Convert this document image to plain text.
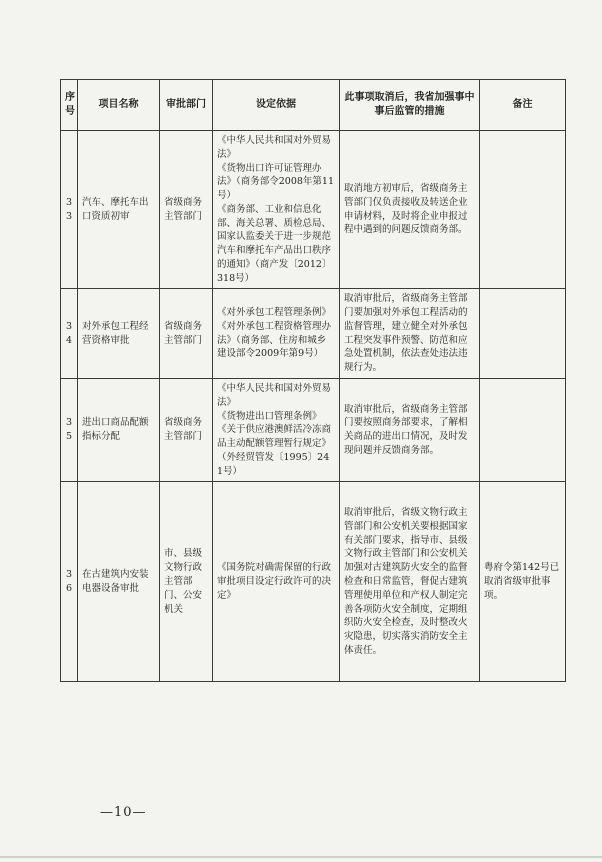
序号	项目名称	审批部门	设定依据	此事项取消后，我省加强事中事后监管的措施	备注
33	汽车、摩托车出口资质初审	省级商务主管部门	《中华人民共和国对外贸易法》
《货物出口许可证管理办法》（商务部令2008年第11号）
《商务部、工业和信息化部、海关总署、质检总局、国家认监委关于进一步规范汽车和摩托车产品出口秩序的通知》（商产发〔2012〕318号）	取消地方初审后，省级商务主管部门仅负责接收及转送企业申请材料，及时将企业申报过程中遇到的问题反馈商务部。	
34	对外承包工程经营资格审批	省级商务主管部门	《对外承包工程管理条例》
《对外承包工程资格管理办法》（商务部、住房和城乡建设部令2009年第9号）	取消审批后，省级商务主管部门要加强对外承包工程活动的监督管理，建立健全对外承包工程突发事件预警、防范和应急处置机制，依法查处违法违规行为。	
35	进出口商品配额指标分配	省级商务主管部门	《中华人民共和国对外贸易法》
《货物进出口管理条例》
《关于供应港澳鲜活冷冻商品主动配额管理暂行规定》（外经贸管发〔1995〕241号）	取消审批后，省级商务主管部门要按照商务部要求，了解相关商品的进出口情况，及时发现问题并反馈商务部。	
36	在古建筑内安装电器设备审批	市、县级文物行政主管部门、公安机关	《国务院对确需保留的行政审批项目设定行政许可的决定》	取消审批后，省级文物行政主管部门和公安机关要根据国家有关部门要求，指导市、县级文物行政主管部门和公安机关加强对古建筑防火安全的监督检查和日常监管，督促古建筑管理使用单位和产权人制定完善各项防火安全制度，定期组织防火安全检查，及时整改火灾隐患，切实落实消防安全主体责任。	粤府令第142号已取消省级审批事项。
—10—
